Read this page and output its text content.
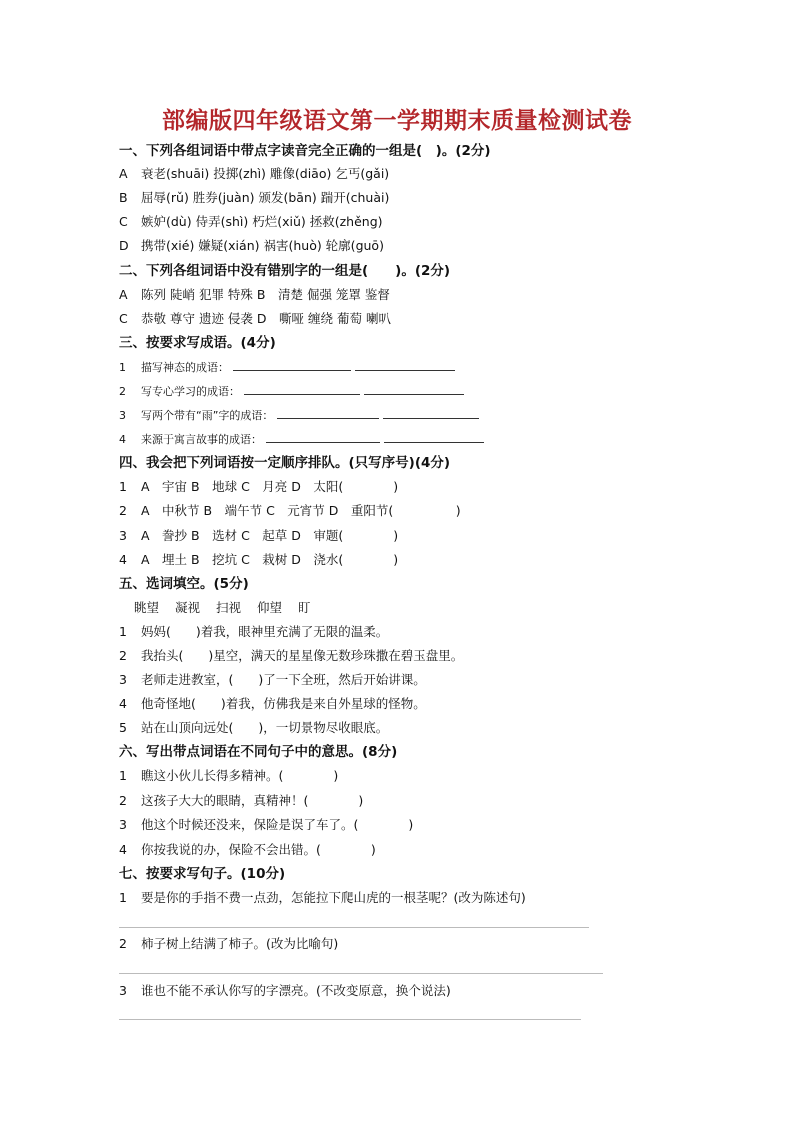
部编版四年级语文第一学期期末质量检测试卷
一、下列各组词语中带点字读音完全正确的一组是(　)。(2分)
A 衰老(shuāi) 投掷(zhì) 雕像(diāo) 乞丐(gǎi)
B 屈辱(rǔ) 胜券(juàn) 颁发(bān) 踹开(chuài)
C 嫉妒(dù) 侍弄(shì) 朽烂(xiǔ) 拯救(zhěng)
D 携带(xié) 嫌疑(xián) 祸害(huò) 轮廓(guō)
二、下列各组词语中没有错别字的一组是(　　)。(2分)
A 陈列 陡峭 犯罪 特殊 B　清楚 倔强 笼罩 鉴督
C 恭敬 尊守 遗迹 侵袭 D　嘶哑 缠绕 葡萄 喇叭
三、按要求写成语。(4分)
1 描写神态的成语：
2 写专心学习的成语：
3 写两个带有“雨”字的成语：
4 来源于寓言故事的成语：
四、我会把下列词语按一定顺序排队。(只写序号)(4分)
1 A　宇宙 B　地球 C　月亮 D　太阳(　　　　)
2 A　中秋节 B　端午节 C　元宵节 D　重阳节(　　　　　)
3 A　誊抄 B　选材 C　起草 D　审题(　　　　)
4 A　埋土 B　挖坑 C　栽树 D　浇水(　　　　)
五、选词填空。(5分)
眺望 凝视 扫视 仰望 盯
1 妈妈(　　)着我，眼神里充满了无限的温柔。
2 我抬头(　　)星空，满天的星星像无数珍珠撒在碧玉盘里。
3 老师走进教室，(　　)了一下全班，然后开始讲课。
4 他奇怪地(　　)着我，仿佛我是来自外星球的怪物。
5 站在山顶向远处(　　)，一切景物尽收眼底。
六、写出带点词语在不同句子中的意思。(8分)
1 瞧这小伙儿长得多精神。(　　　　)
2 这孩子大大的眼睛，真精神！(　　　　)
3 他这个时候还没来，保险是误了车了。(　　　　)
4 你按我说的办，保险不会出错。(　　　　)
七、按要求写句子。(10分)
1 要是你的手指不费一点劲，怎能拉下爬山虎的一根茎呢？(改为陈述句)
2 柿子树上结满了柿子。(改为比喻句)
3 谁也不能不承认你写的字漂亮。(不改变原意，换个说法)
